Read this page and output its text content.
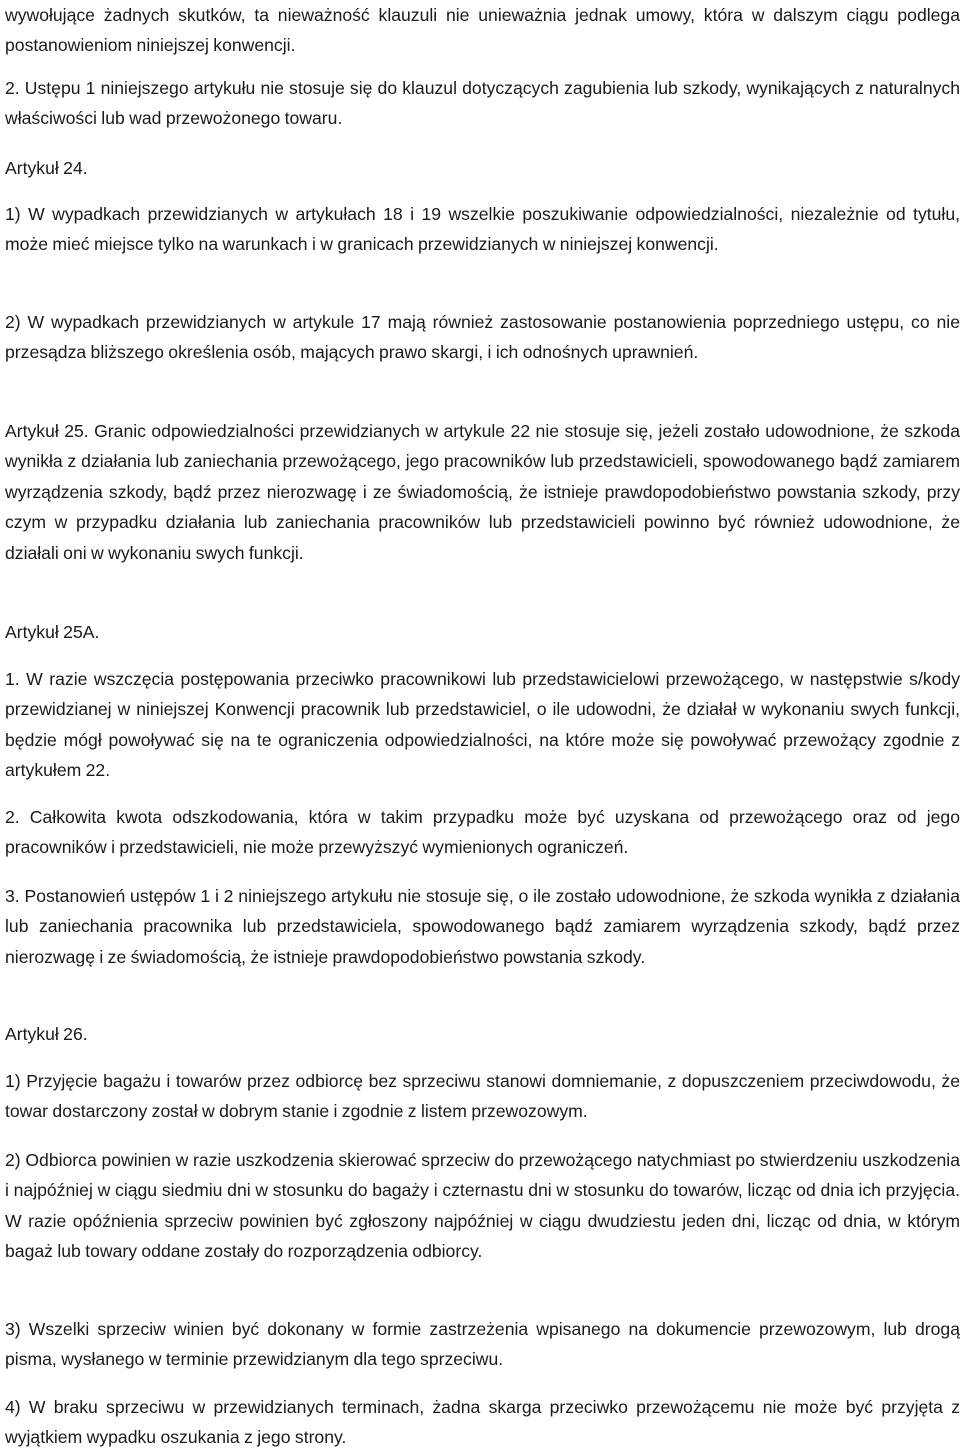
wywołujące żadnych skutków, ta nieważność klauzuli nie unieważnia jednak umowy, która w dalszym ciągu podlega postanowieniom niniejszej konwencji.

2. Ustępu 1 niniejszego artykułu nie stosuje się do klauzul dotyczących zagubienia lub szkody, wynikających z naturalnych właściwości lub wad przewożonego towaru.

Artykuł 24.

1) W wypadkach przewidzianych w artykułach 18 i 19 wszelkie poszukiwanie odpowiedzialności, niezależnie od tytułu, może mieć miejsce tylko na warunkach i w granicach przewidzianych w niniejszej konwencji.

2) W wypadkach przewidzianych w artykule 17 mają również zastosowanie postanowienia poprzedniego ustępu, co nie przesądza bliższego określenia osób, mających prawo skargi, i ich odnośnych uprawnień.

Artykuł 25. Granic odpowiedzialności przewidzianych w artykule 22 nie stosuje się, jeżeli zostało udowodnione, że szkoda wynikła z działania lub zaniechania przewożącego, jego pracowników lub przedstawicieli, spowodowanego bądź zamiarem wyrządzenia szkody, bądź przez nierozwagę i ze świadomością, że istnieje prawdopodobieństwo powstania szkody, przy czym w przypadku działania lub zaniechania pracowników lub przedstawicieli powinno być również udowodnione, że działali oni w wykonaniu swych funkcji.

Artykuł 25A.

1. W razie wszczęcia postępowania przeciwko pracownikowi lub przedstawicielowi przewożącego, w następstwie s/kody przewidzianej w niniejszej Konwencji pracownik lub przedstawiciel, o ile udowodni, że działał w wykonaniu swych funkcji, będzie mógł powoływać się na te ograniczenia odpowiedzialności, na które może się powoływać przewożący zgodnie z artykułem 22.

2. Całkowita kwota odszkodowania, która w takim przypadku może być uzyskana od przewożącego oraz od jego pracowników i przedstawicieli, nie może przewyższyć wymienionych ograniczeń.

3. Postanowień ustępów 1 i 2 niniejszego artykułu nie stosuje się, o ile zostało udowodnione, że szkoda wynikła z działania lub zaniechania pracownika lub przedstawiciela, spowodowanego bądź zamiarem wyrządzenia szkody, bądź przez nierozwagę i ze świadomością, że istnieje prawdopodobieństwo powstania szkody.

Artykuł 26.

1) Przyjęcie bagażu i towarów przez odbiorcę bez sprzeciwu stanowi domniemanie, z dopuszczeniem przeciwdowodu, że towar dostarczony został w dobrym stanie i zgodnie z listem przewozowym.

2) Odbiorca powinien w razie uszkodzenia skierować sprzeciw do przewożącego natychmiast po stwierdzeniu uszkodzenia i najpóźniej w ciągu siedmiu dni w stosunku do bagaży i czternastu dni w stosunku do towarów, licząc od dnia ich przyjęcia. W razie opóźnienia sprzeciw powinien być zgłoszony najpóźniej w ciągu dwudziestu jeden dni, licząc od dnia, w którym bagaż lub towary oddane zostały do rozporządzenia odbiorcy.

3) Wszelki sprzeciw winien być dokonany w formie zastrzeżenia wpisanego na dokumencie przewozowym, lub drogą pisma, wysłanego w terminie przewidzianym dla tego sprzeciwu.

4) W braku sprzeciwu w przewidzianych terminach, żadna skarga przeciwko przewożącemu nie może być przyjęta z wyjątkiem wypadku oszukania z jego strony.
